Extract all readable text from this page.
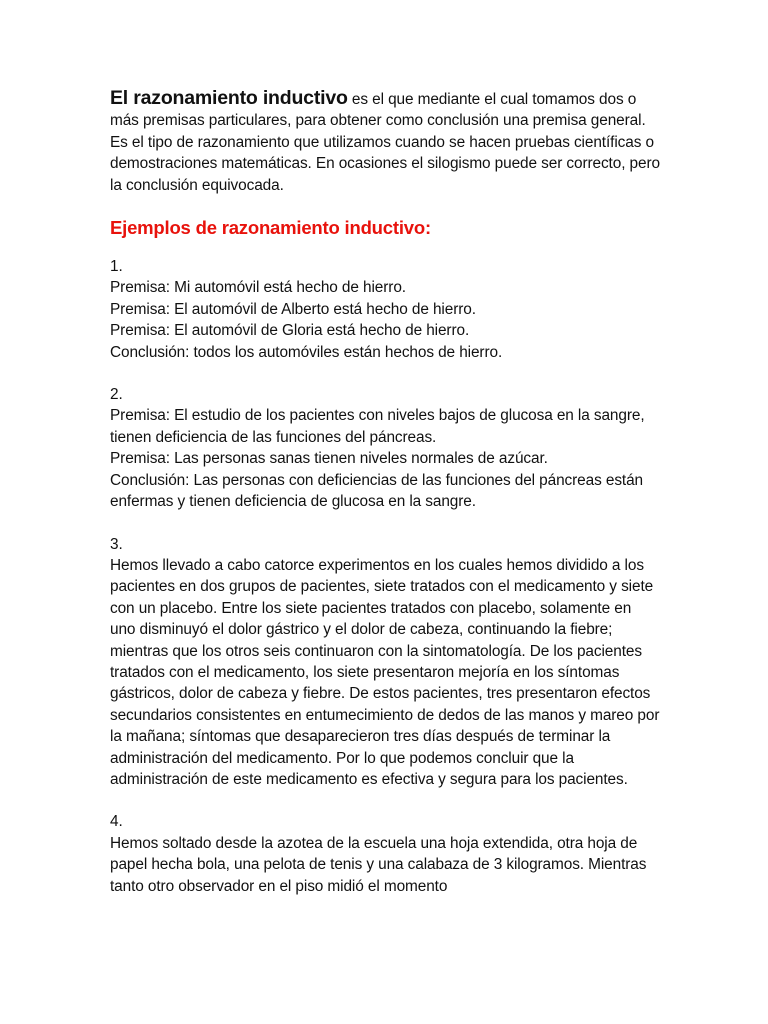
El razonamiento inductivo es el que mediante el cual tomamos dos o más premisas particulares, para obtener como conclusión una premisa general. Es el tipo de razonamiento que utilizamos cuando se hacen pruebas científicas o demostraciones matemáticas. En ocasiones el silogismo puede ser correcto, pero la conclusión equivocada.

Ejemplos de razonamiento inductivo:
1.
Premisa: Mi automóvil está hecho de hierro.
Premisa: El automóvil de Alberto está hecho de hierro.
Premisa: El automóvil de Gloria está hecho de hierro.
Conclusión: todos los automóviles están hechos de hierro.
2.
Premisa: El estudio de los pacientes con niveles bajos de glucosa en la sangre, tienen deficiencia de las funciones del páncreas.
Premisa: Las personas sanas tienen niveles normales de azúcar.
Conclusión: Las personas con deficiencias de las funciones del páncreas están enfermas y tienen deficiencia de glucosa en la sangre.
3.
Hemos llevado a cabo catorce experimentos en los cuales hemos dividido a los pacientes en dos grupos de pacientes, siete tratados con el medicamento y siete con un placebo. Entre los siete pacientes tratados con placebo, solamente en uno disminuyó el dolor gástrico y el dolor de cabeza, continuando la fiebre; mientras que los otros seis continuaron con la sintomatología. De los pacientes tratados con el medicamento, los siete presentaron mejoría en los síntomas gástricos, dolor de cabeza y fiebre. De estos pacientes, tres presentaron efectos secundarios consistentes en entumecimiento de dedos de las manos y mareo por la mañana; síntomas que desaparecieron tres días después de terminar la administración del medicamento. Por lo que podemos concluir que la administración de este medicamento es efectiva y segura para los pacientes.
4.
Hemos soltado desde la azotea de la escuela una hoja extendida, otra hoja de papel hecha bola, una pelota de tenis y una calabaza de 3 kilogramos. Mientras tanto otro observador en el piso midió el momento
